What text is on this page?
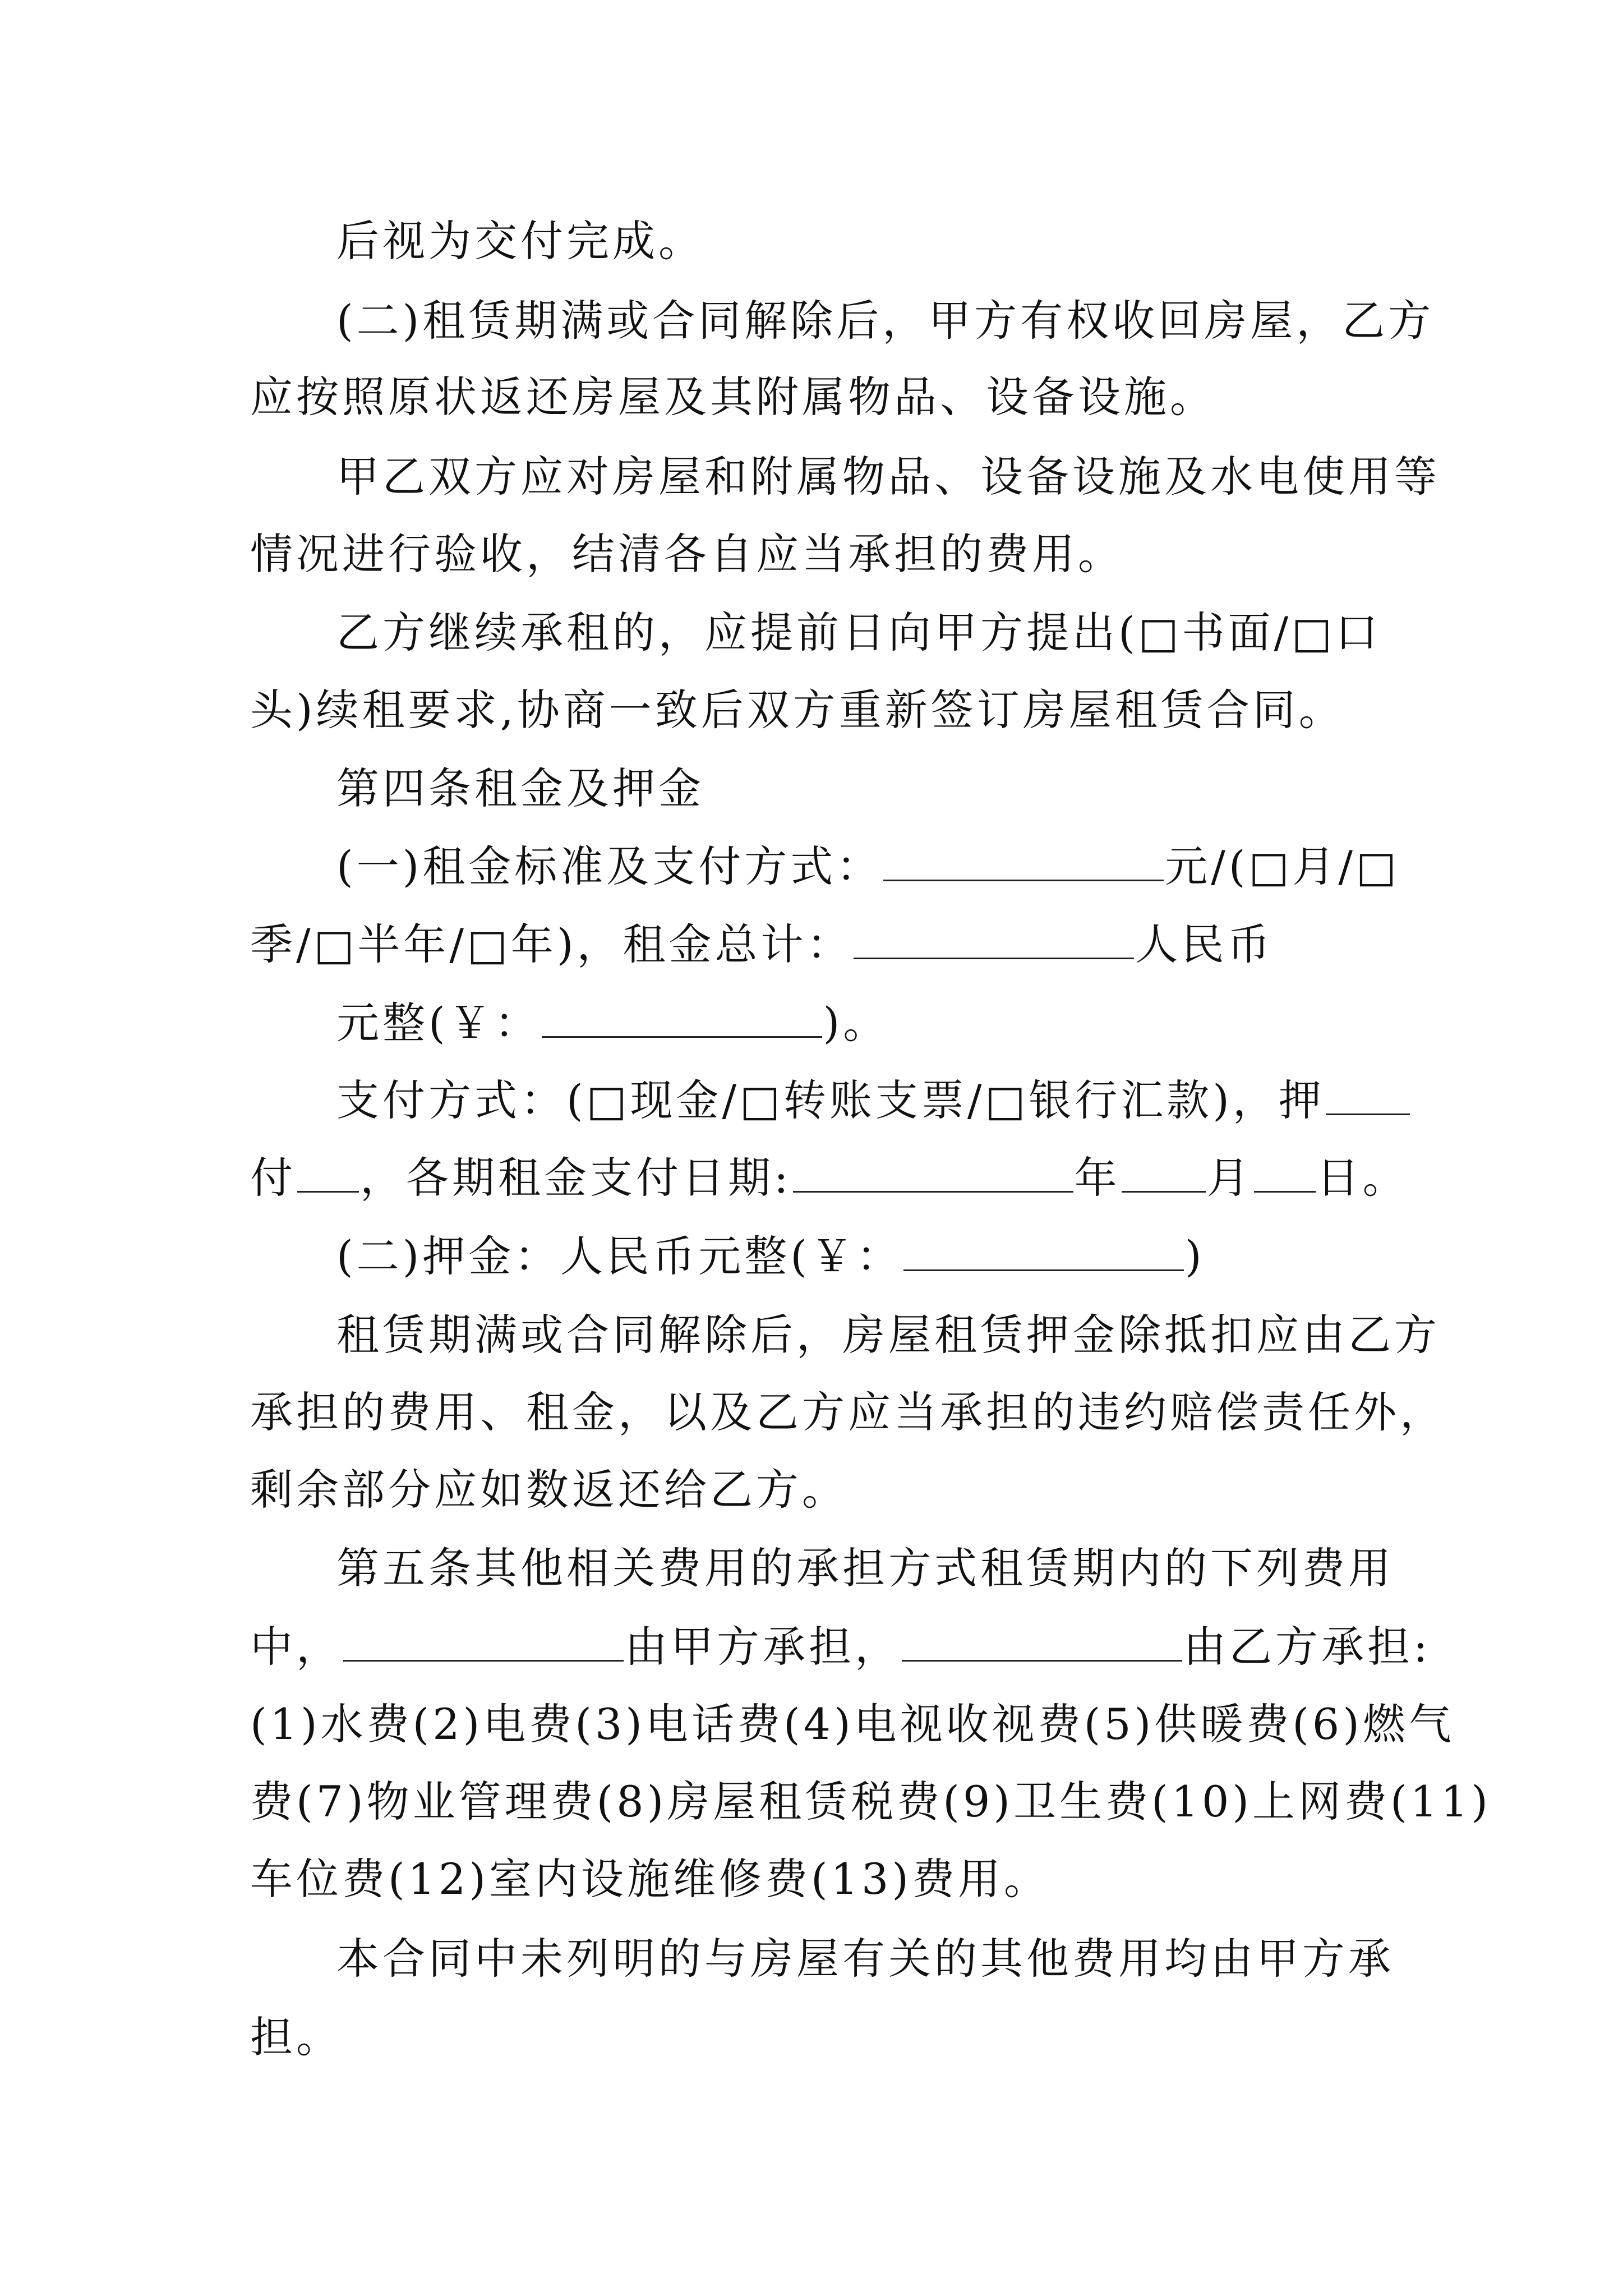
后视为交付完成。
(二)租赁期满或合同解除后，甲方有权收回房屋，乙方
应按照原状返还房屋及其附属物品、设备设施。
甲乙双方应对房屋和附属物品、设备设施及水电使用等
情况进行验收，结清各自应当承担的费用。
乙方继续承租的，应提前日向甲方提出(□书面/□口
头)续租要求,协商一致后双方重新签订房屋租赁合同。
第四条租金及押金
(一)租金标准及支付方式：	元/(□月/□
季/□半年/□年)，租金总计：	人民币
元整(￥：	)。
支付方式：(□现金/□转账支票/□银行汇款)，押
付 ，各期租金支付日期:	年 月 日。
(二)押金：人民币元整(￥：	)
租赁期满或合同解除后，房屋租赁押金除抵扣应由乙方
承担的费用、租金，以及乙方应当承担的违约赔偿责任外，
剩余部分应如数返还给乙方。
第五条其他相关费用的承担方式租赁期内的下列费用
中，	由甲方承担，	由乙方承担:
(1)水费(2)电费(3)电话费(4)电视收视费(5)供暖费(6)燃气
费(7)物业管理费(8)房屋租赁税费(9)卫生费(10)上网费(11)
车位费(12)室内设施维修费(13)费用。
本合同中未列明的与房屋有关的其他费用均由甲方承
担。
